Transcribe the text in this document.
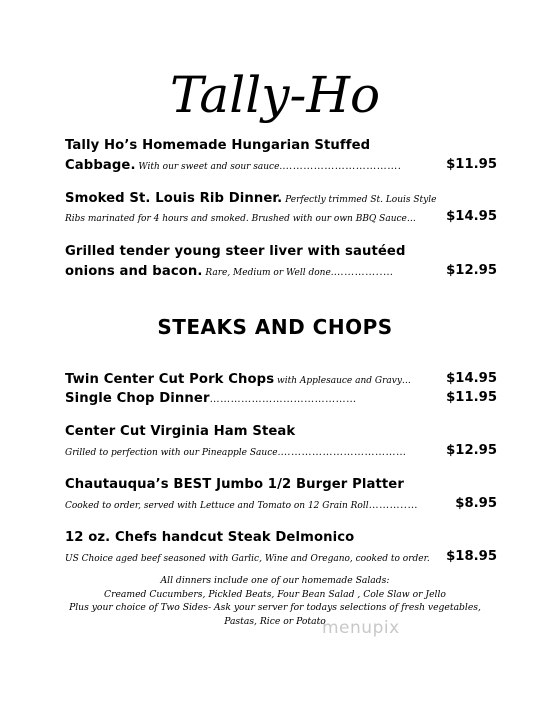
Tally-Ho
Tally Ho’s Homemade Hungarian Stuffed
Cabbage. With our sweet and sour sauce.…………………………….	$11.95
Smoked St. Louis Rib Dinner. Perfectly trimmed St. Louis Style
Ribs marinated for 4 hours and smoked. Brushed with our own BBQ Sauce… $14.95
Grilled tender young steer liver with sautéed
onions and bacon. Rare, Medium or Well done.…………..…	$12.95
STEAKS AND CHOPS
Twin Center Cut Pork Chops with Applesauce and Gravy…	$14.95
Single Chop Dinner……………………………………	$11.95
Center Cut Virginia Ham Steak
Grilled to perfection with our Pineapple Sauce.………………………………	$12.95
Chautauqua’s BEST Jumbo 1/2 Burger Platter
Cooked to order, served with Lettuce and Tomato on 12 Grain Roll………..…	$8.95
12 oz. Chefs handcut Steak Delmonico
US Choice aged beef seasoned with Garlic, Wine and Oregano, cooked to order. $18.95
All dinners include one of our homemade Salads:
Creamed Cucumbers, Pickled Beats, Four Bean Salad , Cole Slaw or Jello
Plus your choice of Two Sides- Ask your server for todays selections of fresh vegetables,
Pastas, Rice or Potato
menupix
